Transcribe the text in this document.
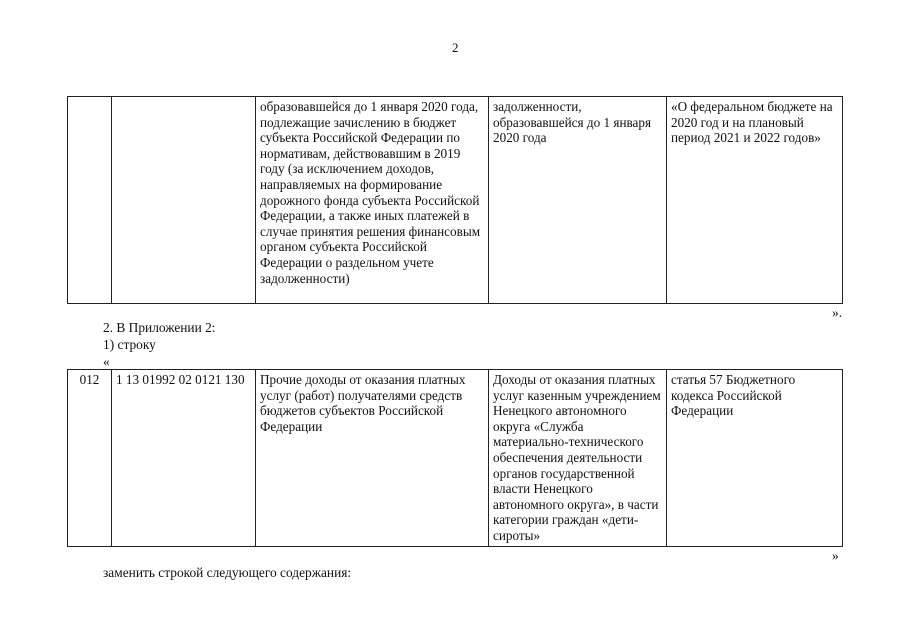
2
		образовавшейся до 1 января 2020 года, подлежащие зачислению в бюджет субъекта Российской Федерации по нормативам, действовавшим в 2019 году (за исключением доходов, направляемых на формирование дорожного фонда субъекта Российской Федерации, а также иных платежей в случае принятия решения финансовым органом субъекта Российской Федерации о раздельном учете задолженности)	задолженности, образовавшейся до 1 января 2020 года	«О федеральном бюджете на 2020 год и на плановый период 2021 и 2022 годов»
».
2. В Приложении 2:
1) строку
«
012	1 13 01992 02 0121 130	Прочие доходы от оказания платных услуг (работ) получателями средств бюджетов субъектов Российской Федерации	Доходы от оказания платных услуг казенным учреждением Ненецкого автономного округа «Служба материально-технического обеспечения деятельности органов государственной власти Ненецкого автономного округа», в части категории граждан «дети-сироты»	статья 57 Бюджетного кодекса Российской Федерации
»
заменить строкой следующего содержания:
